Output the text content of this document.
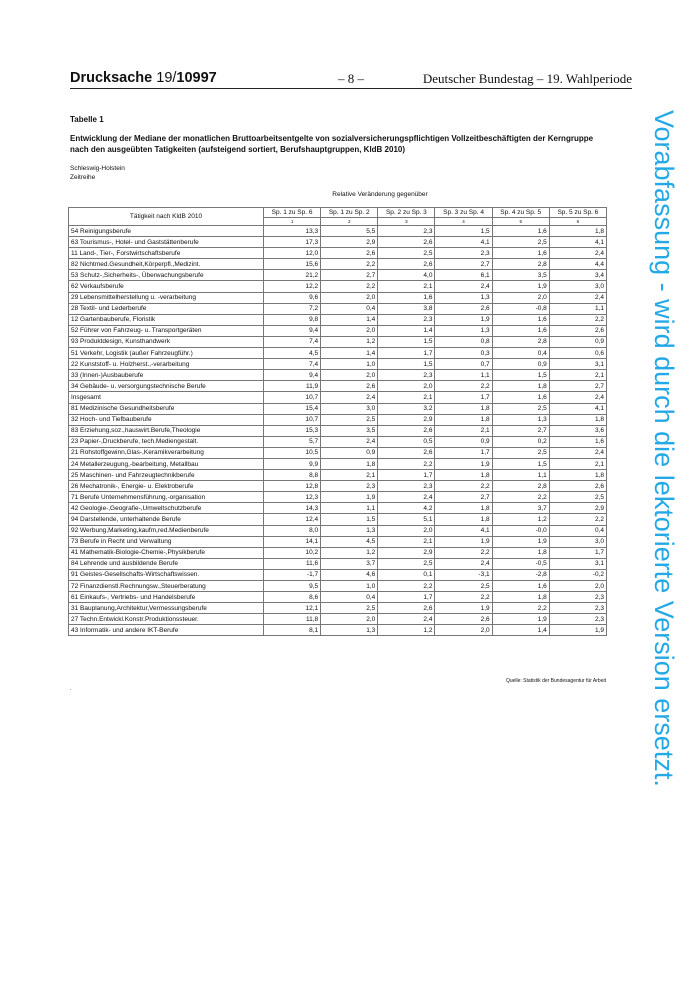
Drucksache 19/10997	– 8 –	Deutscher Bundestag – 19. Wahlperiode
Tabelle 1
Entwicklung der Mediane der monatlichen Bruttoarbeitsentgelte von sozialversicherungspflichtigen Vollzeitbeschäftigten der Kerngruppe nach den ausgeübten Tatigkeiten (aufsteigend sortiert, Berufshauptgruppen, KldB 2010)
Schleswig-Holstein
Zeitreihe
Relative Veränderung gegenüber
Tätigkeit nach KldB 2010	Sp. 1 zu Sp. 6	Sp. 1 zu Sp. 2	Sp. 2 zu Sp. 3	Sp. 3 zu Sp. 4	Sp. 4 zu Sp. 5	Sp. 5 zu Sp. 6
	1	2	3	4	5	6
54 Reinigungsberufe	13,3	5,5	2,3	1,5	1,6	1,8
63 Tourismus-, Hotel- und Gaststättenberufe	17,3	2,9	2,6	4,1	2,5	4,1
11 Land-, Tier-, Forstwirtschaftsberufe	12,0	2,6	2,5	2,3	1,6	2,4
82 Nichtmed.Gesundheit,Körperpfl.,Medizint.	15,6	2,2	2,6	2,7	2,8	4,4
53 Schutz-,Sicherheits-, Überwachungsberufe	21,2	2,7	4,0	6,1	3,5	3,4
62 Verkaufsberufe	12,2	2,2	2,1	2,4	1,9	3,0
29 Lebensmittelherstellung u. -verarbeitung	9,6	2,0	1,6	1,3	2,0	2,4
28 Textil- und Lederberufe	7,2	0,4	3,8	2,6	-0,8	1,1
12 Gartenbauberufe, Floristik	9,8	1,4	2,3	1,9	1,6	2,2
52 Führer von Fahrzeug- u. Transportgeräten	9,4	2,0	1,4	1,3	1,6	2,6
93 Produktdesign, Kunsthandwerk	7,4	1,2	1,5	0,8	2,8	0,9
51 Verkehr, Logistik (außer Fahrzeugführ.)	4,5	1,4	1,7	0,3	0,4	0,6
22 Kunststoff- u. Holzherst.,-verarbeitung	7,4	1,0	1,5	0,7	0,9	3,1
33 (Innen-)Ausbauberufe	9,4	2,0	2,3	1,1	1,5	2,1
34 Gebäude- u. versorgungstechnische Berufe	11,9	2,6	2,0	2,2	1,8	2,7
Insgesamt	10,7	2,4	2,1	1,7	1,6	2,4
81 Medizinische Gesundheitsberufe	15,4	3,0	3,2	1,8	2,5	4,1
32 Hoch- und Tiefbauberufe	10,7	2,5	2,9	1,8	1,3	1,8
83 Erziehung,soz.,hauswirt.Berufe,Theologie	15,3	3,5	2,6	2,1	2,7	3,6
23 Papier-,Druckberufe, tech.Mediengestalt.	5,7	2,4	0,5	0,9	0,2	1,6
21 Rohstoffgewinn,Glas-,Keramikverarbeitung	10,5	0,9	2,6	1,7	2,5	2,4
24 Metallerzeugung,-bearbeitung, Metallbau	9,9	1,8	2,2	1,9	1,5	2,1
25 Maschinen- und Fahrzeugtechnikberufe	8,8	2,1	1,7	1,8	1,1	1,8
26 Mechatronik-, Energie- u. Elektroberufe	12,8	2,3	2,3	2,2	2,8	2,6
71 Berufe Unternehmensführung,-organisation	12,3	1,9	2,4	2,7	2,2	2,5
42 Geologie-,Geografie-,Umweltschutzberufe	14,3	1,1	4,2	1,8	3,7	2,9
94 Darstellende, unterhaltende Berufe	12,4	1,5	5,1	1,8	1,2	2,2
92 Werbung,Marketing,kaufm,red.Medienberufe	8,0	1,3	2,0	4,1	-0,0	0,4
73 Berufe in Recht und Verwaltung	14,1	4,5	2,1	1,9	1,9	3,0
41 Mathematik-Biologie-Chemie-,Physikberufe	10,2	1,2	2,9	2,2	1,8	1,7
84 Lehrende und ausbildende Berufe	11,6	3,7	2,5	2,4	-0,5	3,1
91 Geistes-Gesellschafts-Wirtschaftswissen.	-1,7	4,6	0,1	-3,1	-2,8	-0,2
72 Finanzdienstl.Rechnungsw.,Steuerberatung	9,5	1,0	2,2	2,5	1,6	2,0
61 Einkaufs-, Vertriebs- und Handelsberufe	8,6	0,4	1,7	2,2	1,8	2,3
31 Bauplanung,Architektur,Vermessungsberufe	12,1	2,5	2,6	1,9	2,2	2,3
27 Techn.Entwickl.Konstr.Produktionssteuer.	11,8	2,0	2,4	2,6	1,9	2,3
43 Informatik- und andere IKT-Berufe	8,1	1,3	1,2	2,0	1,4	1,9
Quelle: Statistik der Bundesagentur für Arbeit
.	Vorabfassung - wird durch die lektorierte Version ersetzt.
